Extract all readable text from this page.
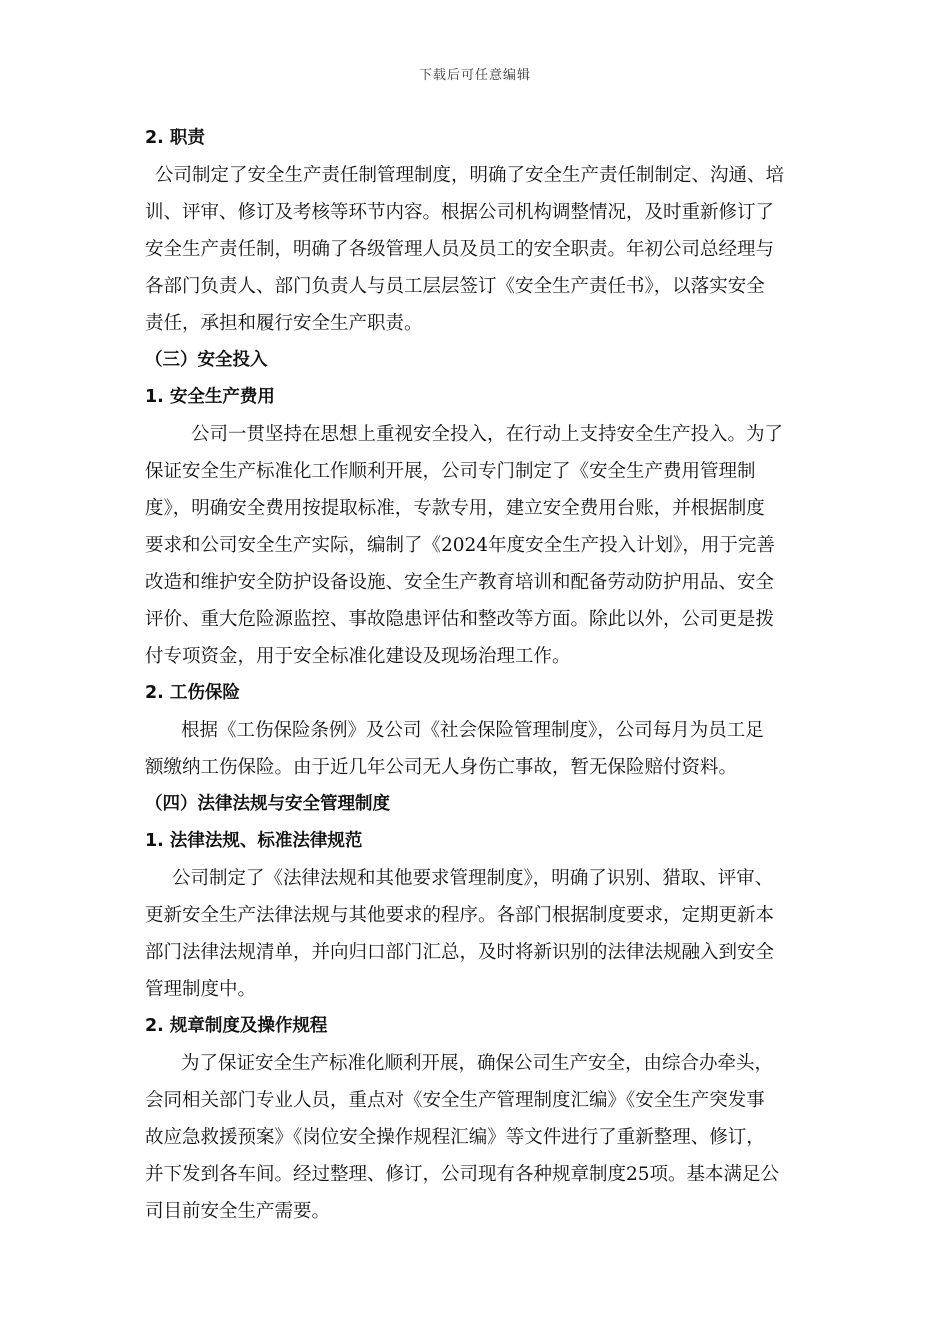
下载后可任意编辑
2. 职责
公司制定了安全生产责任制管理制度，明确了安全生产责任制制定、沟通、培
训、评审、修订及考核等环节内容。根据公司机构调整情况，及时重新修订了
安全生产责任制，明确了各级管理人员及员工的安全职责。年初公司总经理与
各部门负责人、部门负责人与员工层层签订《安全生产责任书》，以落实安全
责任，承担和履行安全生产职责。
（三）安全投入
1. 安全生产费用
公司一贯坚持在思想上重视安全投入，在行动上支持安全生产投入。为了
保证安全生产标准化工作顺利开展，公司专门制定了《安全生产费用管理制
度》，明确安全费用按提取标准，专款专用，建立安全费用台账，并根据制度
要求和公司安全生产实际，编制了《2024年度安全生产投入计划》，用于完善
改造和维护安全防护设备设施、安全生产教育培训和配备劳动防护用品、安全
评价、重大危险源监控、事故隐患评估和整改等方面。除此以外，公司更是拨
付专项资金，用于安全标准化建设及现场治理工作。
2. 工伤保险
根据《工伤保险条例》及公司《社会保险管理制度》，公司每月为员工足
额缴纳工伤保险。由于近几年公司无人身伤亡事故，暂无保险赔付资料。
（四）法律法规与安全管理制度
1. 法律法规、标准法律规范
公司制定了《法律法规和其他要求管理制度》，明确了识别、猎取、评审、
更新安全生产法律法规与其他要求的程序。各部门根据制度要求，定期更新本
部门法律法规清单，并向归口部门汇总，及时将新识别的法律法规融入到安全
管理制度中。
2. 规章制度及操作规程
为了保证安全生产标准化顺利开展，确保公司生产安全，由综合办牵头，
会同相关部门专业人员，重点对《安全生产管理制度汇编》《安全生产突发事
故应急救援预案》《岗位安全操作规程汇编》等文件进行了重新整理、修订，
并下发到各车间。经过整理、修订，公司现有各种规章制度25项。基本满足公
司目前安全生产需要。
